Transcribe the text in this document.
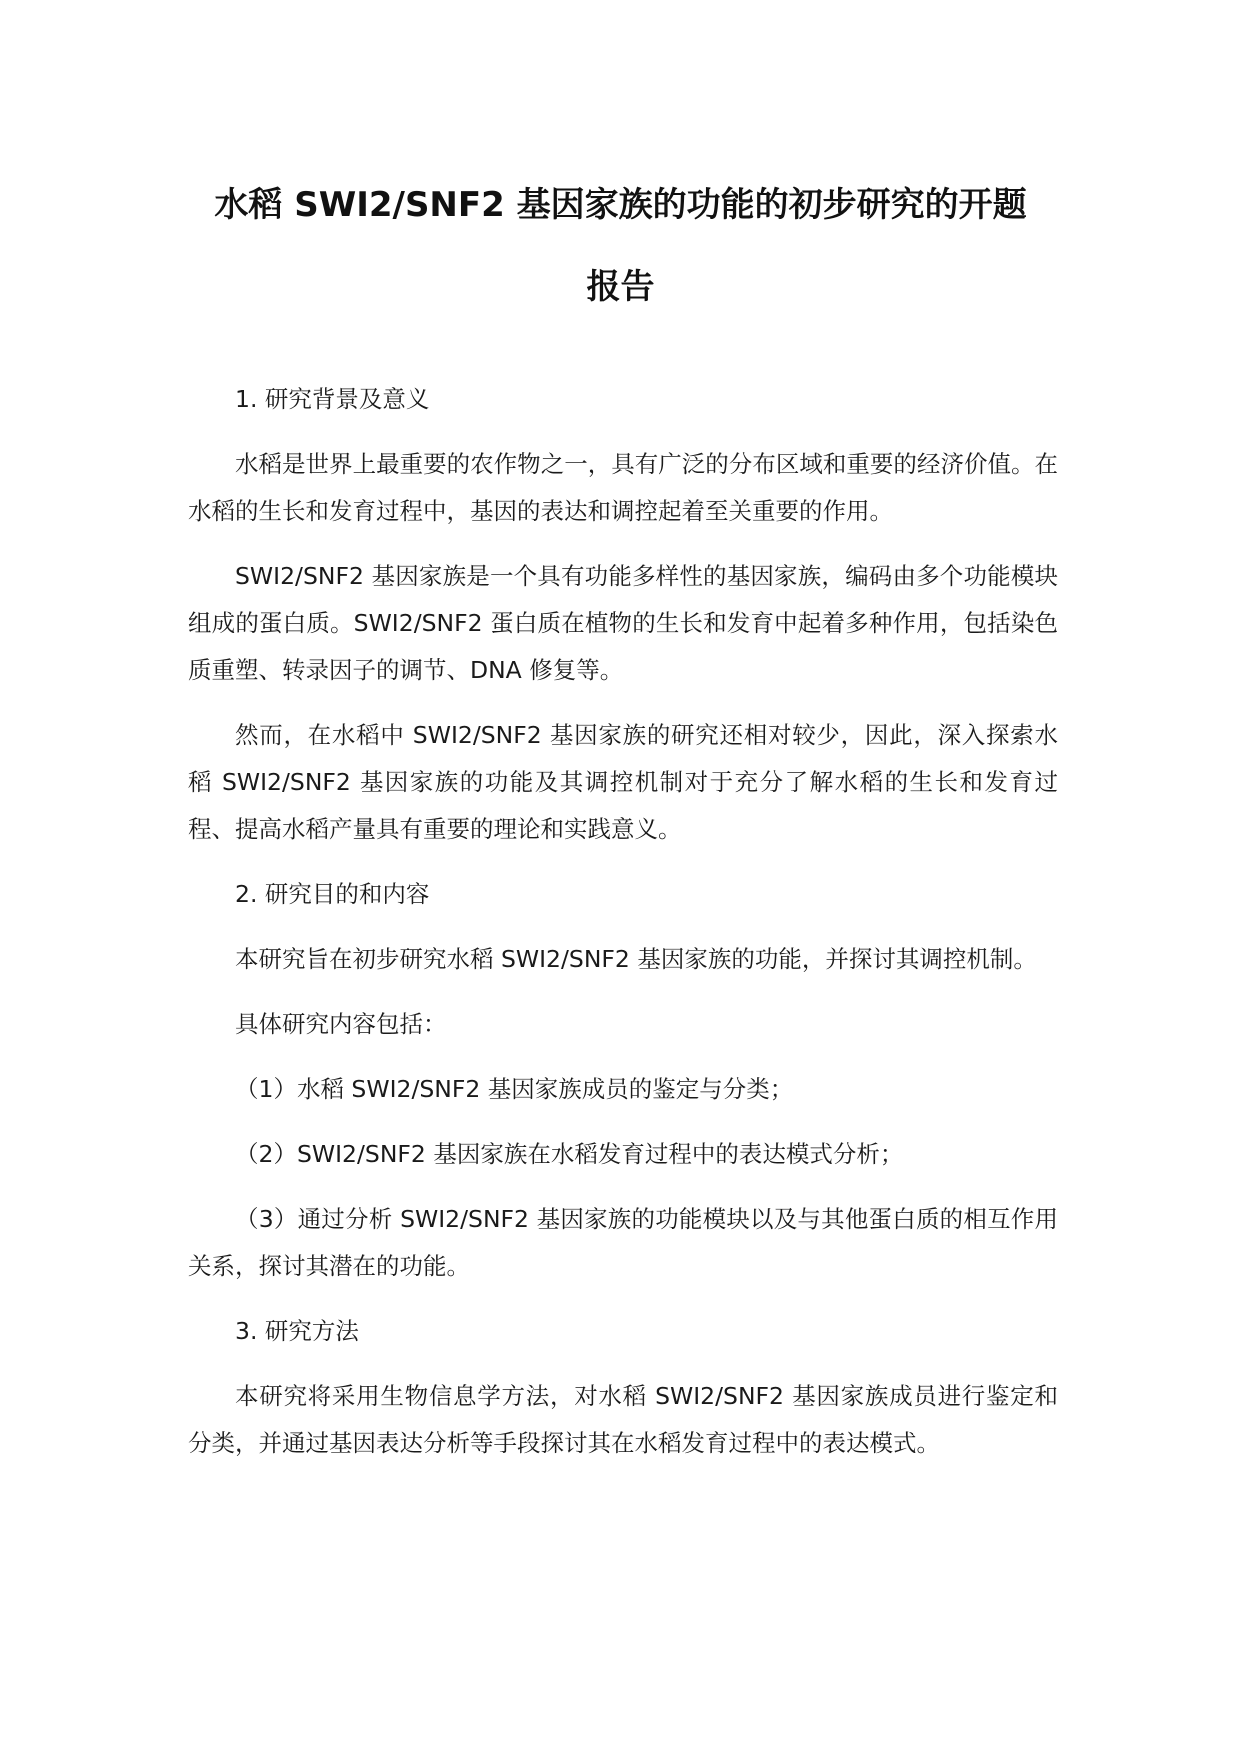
水稻 SWI2/SNF2 基因家族的功能的初步研究的开题
报告

1. 研究背景及意义

水稻是世界上最重要的农作物之一，具有广泛的分布区域和重要的经济价值。在水稻的生长和发育过程中，基因的表达和调控起着至关重要的作用。

SWI2/SNF2 基因家族是一个具有功能多样性的基因家族，编码由多个功能模块组成的蛋白质。SWI2/SNF2 蛋白质在植物的生长和发育中起着多种作用，包括染色质重塑、转录因子的调节、DNA 修复等。

然而，在水稻中 SWI2/SNF2 基因家族的研究还相对较少，因此，深入探索水稻 SWI2/SNF2 基因家族的功能及其调控机制对于充分了解水稻的生长和发育过程、提高水稻产量具有重要的理论和实践意义。

2. 研究目的和内容

本研究旨在初步研究水稻 SWI2/SNF2 基因家族的功能，并探讨其调控机制。

具体研究内容包括：

（1）水稻 SWI2/SNF2 基因家族成员的鉴定与分类；

（2）SWI2/SNF2 基因家族在水稻发育过程中的表达模式分析；

（3）通过分析 SWI2/SNF2 基因家族的功能模块以及与其他蛋白质的相互作用关系，探讨其潜在的功能。

3. 研究方法

本研究将采用生物信息学方法，对水稻 SWI2/SNF2 基因家族成员进行鉴定和分类，并通过基因表达分析等手段探讨其在水稻发育过程中的表达模式。
